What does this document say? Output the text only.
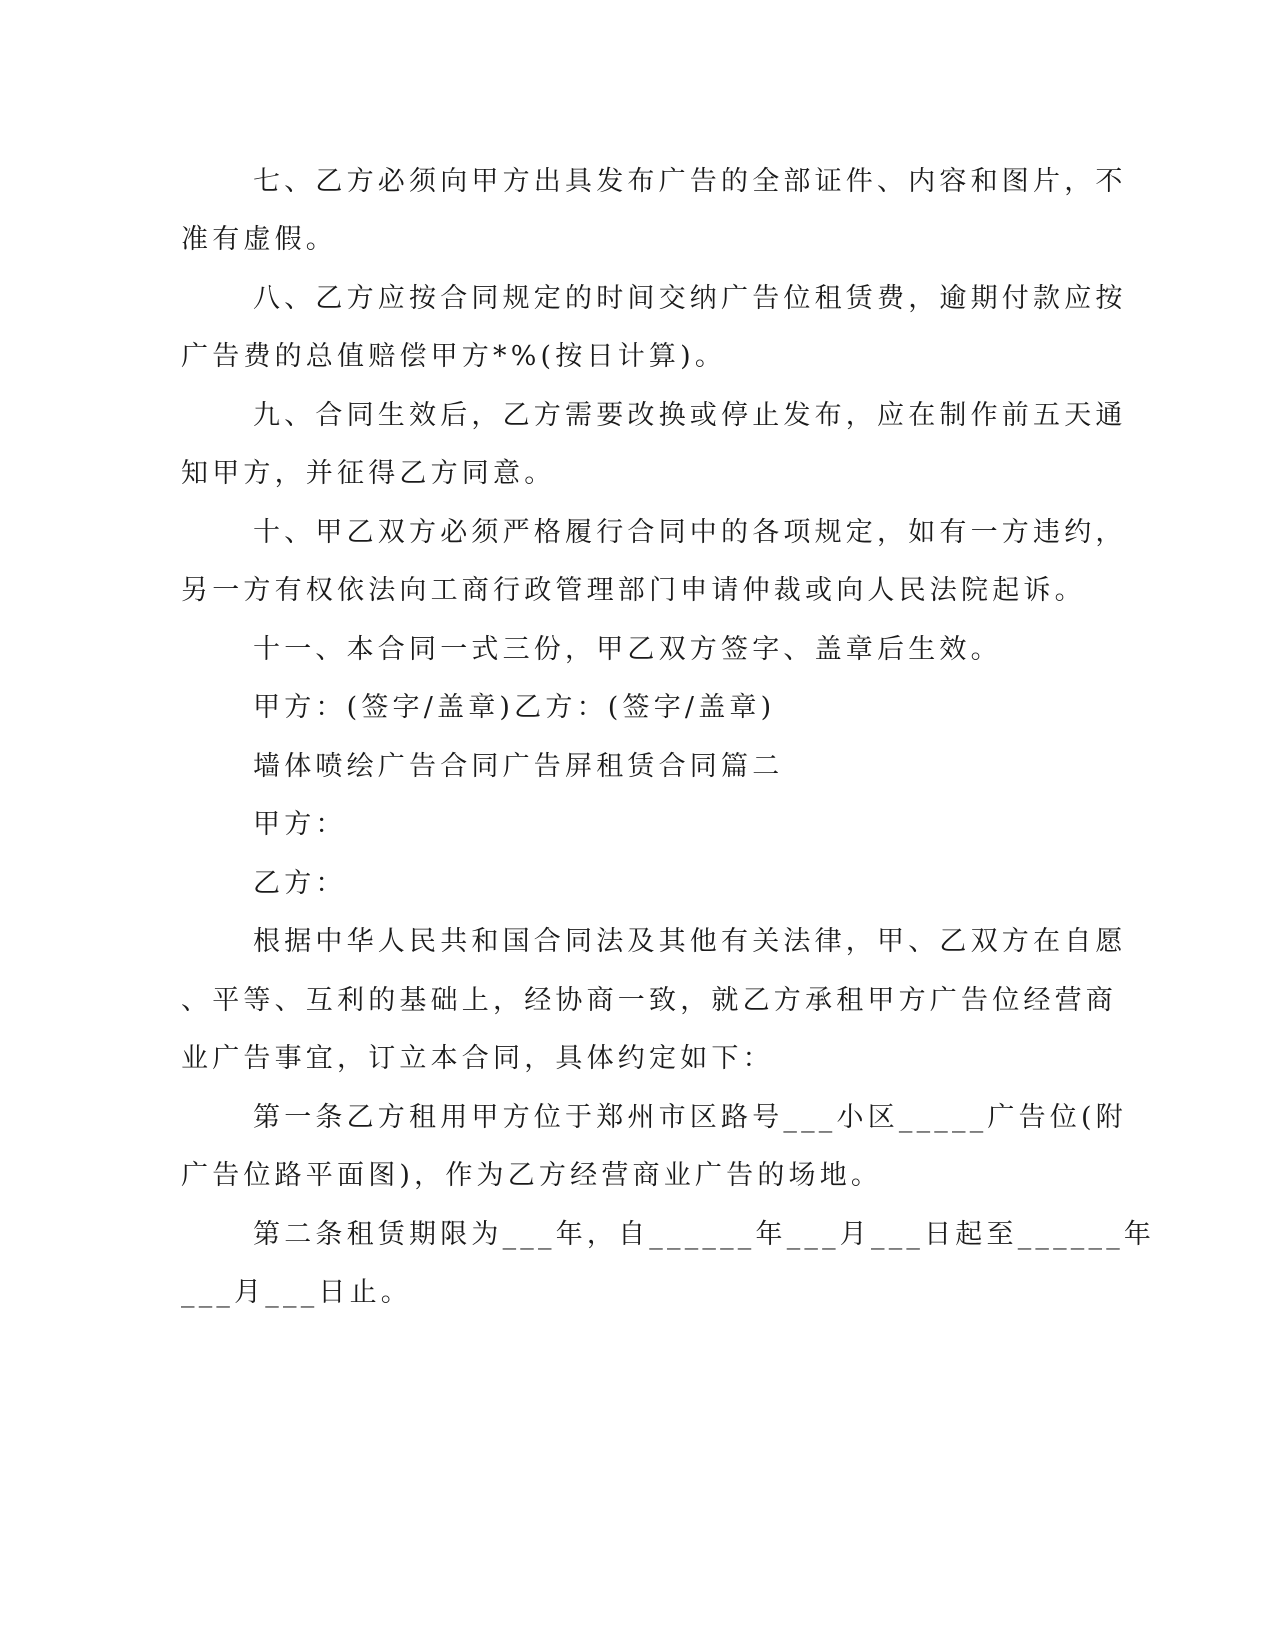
七、乙方必须向甲方出具发布广告的全部证件、内容和图片，不
准有虚假。
八、乙方应按合同规定的时间交纳广告位租赁费，逾期付款应按
广告费的总值赔偿甲方*%(按日计算)。
九、合同生效后，乙方需要改换或停止发布，应在制作前五天通
知甲方，并征得乙方同意。
十、甲乙双方必须严格履行合同中的各项规定，如有一方违约，
另一方有权依法向工商行政管理部门申请仲裁或向人民法院起诉。
十一、本合同一式三份，甲乙双方签字、盖章后生效。
甲方：(签字/盖章)乙方：(签字/盖章)
墙体喷绘广告合同广告屏租赁合同篇二
甲方：
乙方：
根据中华人民共和国合同法及其他有关法律，甲、乙双方在自愿
、平等、互利的基础上，经协商一致，就乙方承租甲方广告位经营商
业广告事宜，订立本合同，具体约定如下：
第一条乙方租用甲方位于郑州市区路号___小区_____广告位(附
广告位路平面图)，作为乙方经营商业广告的场地。
第二条租赁期限为___年，自______年___月___日起至______年
___月___日止。
